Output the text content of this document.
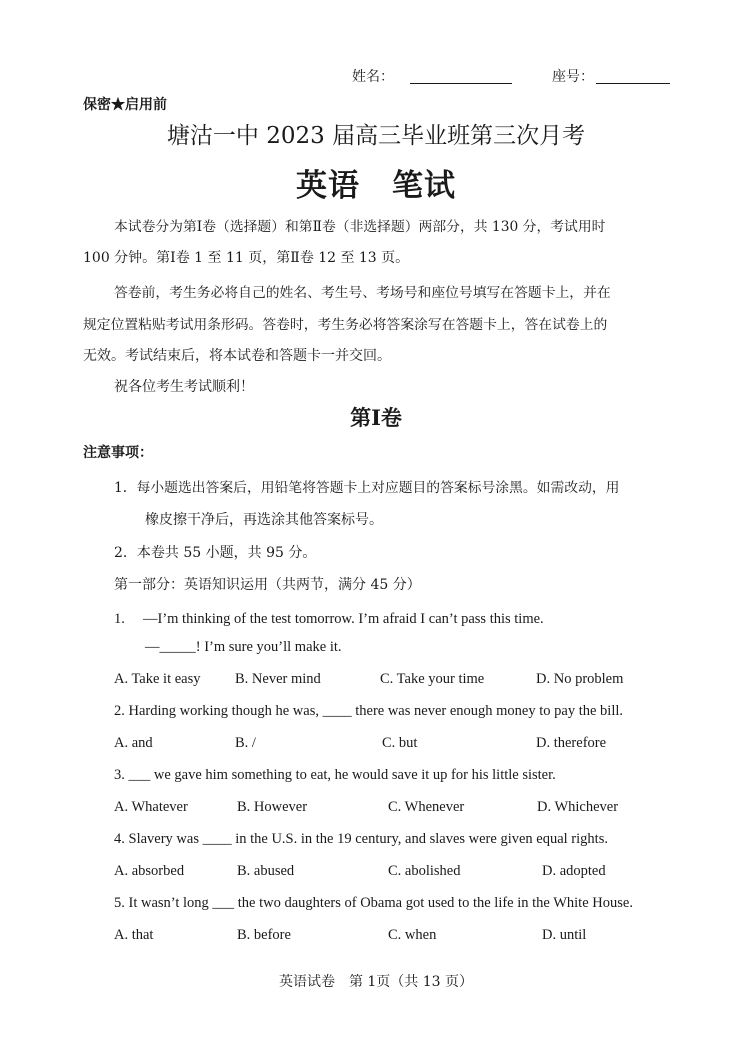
姓名：	座号：
保密★启用前
塘沽一中 2023 届高三毕业班第三次月考
英语　笔试
本试卷分为第Ⅰ卷（选择题）和第Ⅱ卷（非选择题）两部分，共 130 分，考试用时
100 分钟。第Ⅰ卷 1 至 11 页，第Ⅱ卷 12 至 13 页。
答卷前，考生务必将自己的姓名、考生号、考场号和座位号填写在答题卡上，并在
规定位置粘贴考试用条形码。答卷时，考生务必将答案涂写在答题卡上，答在试卷上的
无效。考试结束后，将本试卷和答题卡一并交回。
祝各位考生考试顺利！
第Ⅰ卷
注意事项：
1．每小题选出答案后，用铅笔将答题卡上对应题目的答案标号涂黑。如需改动，用
橡皮擦干净后，再选涂其他答案标号。
2．本卷共 55 小题，共 95 分。
第一部分：英语知识运用（共两节，满分 45 分）
1.　 —I’m thinking of the test tomorrow. I’m afraid I can’t pass this time.
—_____! I’m sure you’ll make it.
A. Take it easy B. Never mind	C. Take your time	D. No problem
2. Harding working though he was, ____ there was never enough money to pay the bill.
A. and	B. /	C. but	D. therefore
3. ___ we gave him something to eat, he would save it up for his little sister.
A. Whatever	B. However	C. Whenever	D. Whichever
4. Slavery was ____ in the U.S. in the 19 century, and slaves were given equal rights.
A. absorbed	B. abused	C. abolished	D. adopted
5. It wasn’t long ___ the two daughters of Obama got used to the life in the White House.
A. that	B. before	C. when	D. until
英语试卷　第 1页（共 13 页）
